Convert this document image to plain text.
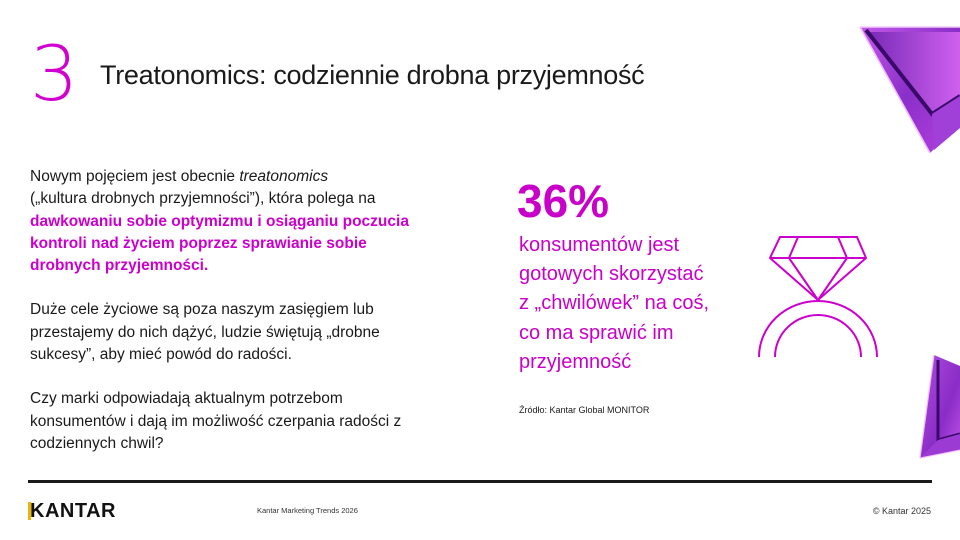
3 Treatonomics: codziennie drobna przyjemność

Nowym pojęciem jest obecnie treatonomics
(„kultura drobnych przyjemności”), która polega na
dawkowaniu sobie optymizmu i osiąganiu poczucia kontroli nad życiem poprzez sprawianie sobie drobnych przyjemności.

Duże cele życiowe są poza naszym zasięgiem lub przestajemy do nich dążyć, ludzie świętują „drobne sukcesy”, aby mieć powód do radości.

Czy marki odpowiadają aktualnym potrzebom konsumentów i dają im możliwość czerpania radości z codziennych chwil?

36%
konsumentów jest
gotowych skorzystać
z „chwilówek” na coś,
co ma sprawić im
przyjemność
Źródło: Kantar Global MONITOR
KANTAR	Kantar Marketing Trends 2026	© Kantar 2025
